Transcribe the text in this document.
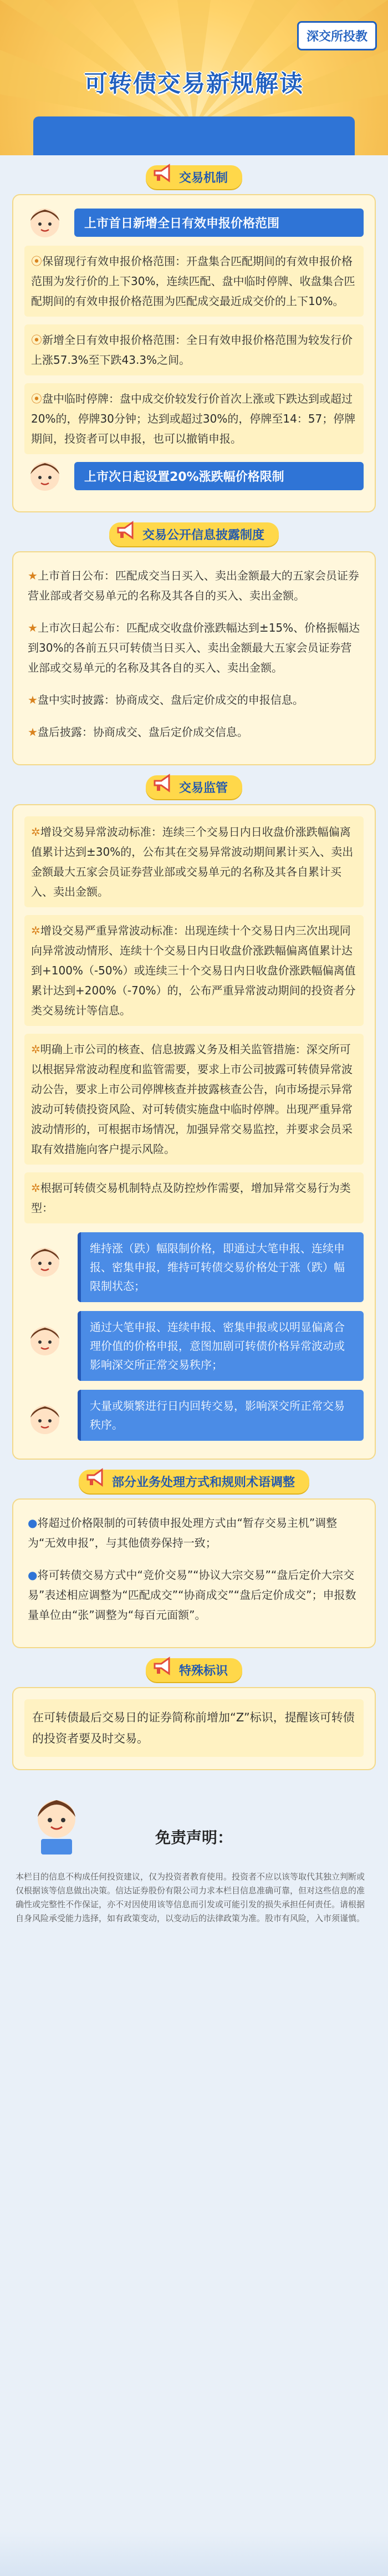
深交所投教
可转债交易新规解读
交易机制
上市首日新增全日有效申报价格范围
⦿保留现行有效申报价格范围：开盘集合匹配期间的有效申报价格范围为发行价的上下30%，连续匹配、盘中临时停牌、收盘集合匹配期间的有效申报价格范围为匹配成交最近成交价的上下10%。
⦿新增全日有效申报价格范围：全日有效申报价格范围为较发行价上涨57.3%至下跌43.3%之间。
⦿盘中临时停牌：盘中成交价较发行价首次上涨或下跌达到或超过20%的，停牌30分钟；达到或超过30%的，停牌至14：57；停牌期间，投资者可以申报，也可以撤销申报。
上市次日起设置20%涨跌幅价格限制
交易公开信息披露制度
★上市首日公布：匹配成交当日买入、卖出金额最大的五家会员证券营业部或者交易单元的名称及其各自的买入、卖出金额。
★上市次日起公布：匹配成交收盘价涨跌幅达到±15%、价格振幅达到30%的各前五只可转债当日买入、卖出金额最大五家会员证券营业部或交易单元的名称及其各自的买入、卖出金额。
★盘中实时披露：协商成交、盘后定价成交的申报信息。
★盘后披露：协商成交、盘后定价成交信息。
交易监管
✲增设交易异常波动标准：连续三个交易日内日收盘价涨跌幅偏离值累计达到±30%的，公布其在交易异常波动期间累计买入、卖出金额最大五家会员证券营业部或交易单元的名称及其各自累计买入、卖出金额。
✲增设交易严重异常波动标准：出现连续十个交易日内三次出现同向异常波动情形、连续十个交易日内日收盘价涨跌幅偏离值累计达到+100%（-50%）或连续三十个交易日内日收盘价涨跌幅偏离值累计达到+200%（-70%）的，公布严重异常波动期间的投资者分类交易统计等信息。
✲明确上市公司的核查、信息披露义务及相关监管措施：深交所可以根据异常波动程度和监管需要，要求上市公司披露可转债异常波动公告，要求上市公司停牌核查并披露核查公告，向市场提示异常波动可转债投资风险、对可转债实施盘中临时停牌。出现严重异常波动情形的，可根据市场情况，加强异常交易监控，并要求会员采取有效措施向客户提示风险。
✲根据可转债交易机制特点及防控炒作需要，增加异常交易行为类型：
维持涨（跌）幅限制价格，即通过大笔申报、连续申报、密集申报，维持可转债交易价格处于涨（跌）幅限制状态；
通过大笔申报、连续申报、密集申报或以明显偏离合理价值的价格申报，意图加剧可转债价格异常波动或影响深交所正常交易秩序；
大量或频繁进行日内回转交易，影响深交所正常交易秩序。
部分业务处理方式和规则术语调整
●将超过价格限制的可转债申报处理方式由“暂存交易主机”调整为“无效申报”，与其他债券保持一致；
●将可转债交易方式中“竞价交易”“协议大宗交易”“盘后定价大宗交易”表述相应调整为“匹配成交”“协商成交”“盘后定价成交”；申报数量单位由“张”调整为“每百元面额”。
特殊标识
在可转债最后交易日的证券简称前增加“Z”标识，提醒该可转债的投资者要及时交易。
免责声明：
本栏目的信息不构成任何投资建议，仅为投资者教育使用。投资者不应以该等取代其独立判断或仅根据该等信息做出决策。信达证券股份有限公司力求本栏目信息准确可靠，但对这些信息的准确性或完整性不作保证，亦不对因使用该等信息而引发或可能引发的损失承担任何责任。请根据自身风险承受能力选择，如有政策变动，以变动后的法律政策为准。股市有风险，入市须谨慎。
